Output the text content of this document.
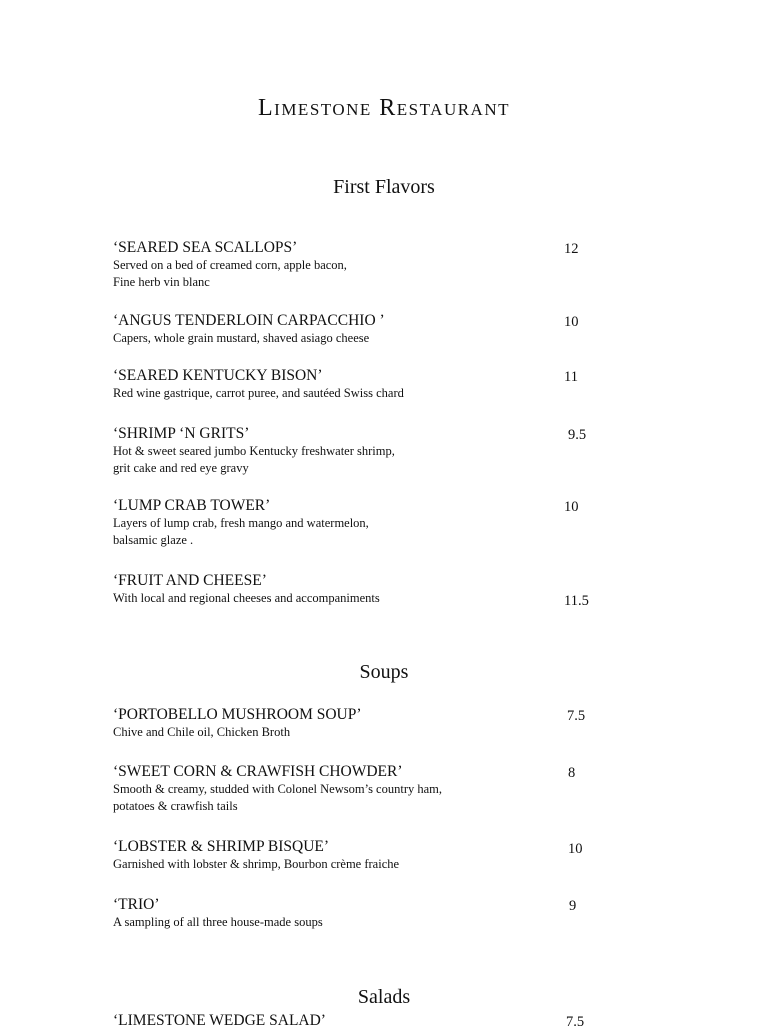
Limestone Restaurant
First Flavors
‘SEARED SEA SCALLOPS’
Served on a bed of creamed corn, apple bacon,
Fine herb vin blanc
12
‘ANGUS TENDERLOIN CARPACCHIO ’
Capers, whole grain mustard, shaved asiago cheese
10
‘SEARED KENTUCKY BISON’
Red wine gastrique, carrot puree, and sautéed Swiss chard
11
‘SHRIMP ‘N GRITS’
Hot & sweet seared jumbo Kentucky freshwater shrimp,
grit cake and red eye gravy
9.5
‘LUMP CRAB TOWER’
Layers of lump crab, fresh mango and watermelon,
balsamic glaze .
10
‘FRUIT AND CHEESE’
With local and regional cheeses and accompaniments	11.5
Soups
‘PORTOBELLO MUSHROOM SOUP’
Chive and Chile oil, Chicken Broth
7.5
‘SWEET CORN & CRAWFISH CHOWDER’
Smooth & creamy, studded with Colonel Newsom’s country ham,
potatoes & crawfish tails
8
‘LOBSTER & SHRIMP BISQUE’
Garnished with lobster & shrimp, Bourbon crème fraiche
10
‘TRIO’
A sampling of all three house-made soups
9
Salads
‘LIMESTONE WEDGE SALAD’	7.5
